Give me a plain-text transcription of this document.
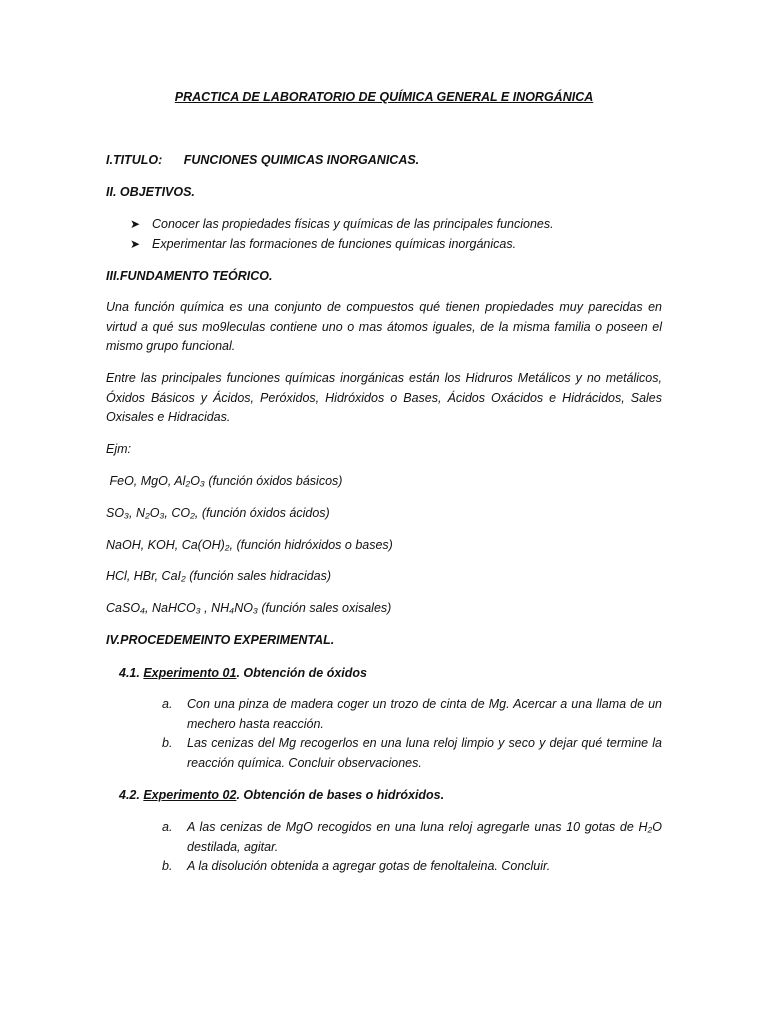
PRACTICA DE LABORATORIO DE QUÍMICA GENERAL E INORGÁNICA
I.TITULO: FUNCIONES QUIMICAS INORGANICAS.
II. OBJETIVOS.
➤ Conocer las propiedades físicas y químicas de las principales funciones.
➤ Experimentar las formaciones de funciones químicas inorgánicas.
III.FUNDAMENTO TEÓRICO.
Una función química es una conjunto de compuestos qué tienen propiedades muy parecidas en virtud a qué sus mo9leculas contiene uno o mas átomos iguales, de la misma familia o poseen el mismo grupo funcional.
Entre las principales funciones químicas inorgánicas están los Hidruros Metálicos y no metálicos, Óxidos Básicos y Ácidos, Peróxidos, Hidróxidos o Bases, Ácidos Oxácidos e Hidrácidos, Sales Oxisales e Hidracidas.
Ejm:
FeO, MgO, Al₂O₃ (función óxidos básicos)
SO₃, N₂O₃, CO₂, (función óxidos ácidos)
NaOH, KOH, Ca(OH)₂, (función hidróxidos o bases)
HCl, HBr, CaI₂ (función sales hidracidas)
CaSO₄, NaHCO₃ , NH₄NO₃ (función sales oxisales)
IV.PROCEDEMEINTO EXPERIMENTAL.
4.1. Experimento 01. Obtención de óxidos
a. Con una pinza de madera coger un trozo de cinta de Mg. Acercar a una llama de un mechero hasta reacción.
b. Las cenizas del Mg recogerlos en una luna reloj limpio y seco y dejar qué termine la reacción química. Concluir observaciones.
4.2. Experimento 02. Obtención de bases o hidróxidos.
a. A las cenizas de MgO recogidos en una luna reloj agregarle unas 10 gotas de H₂O destilada, agitar.
b. A la disolución obtenida a agregar gotas de fenoltaleina. Concluir.
